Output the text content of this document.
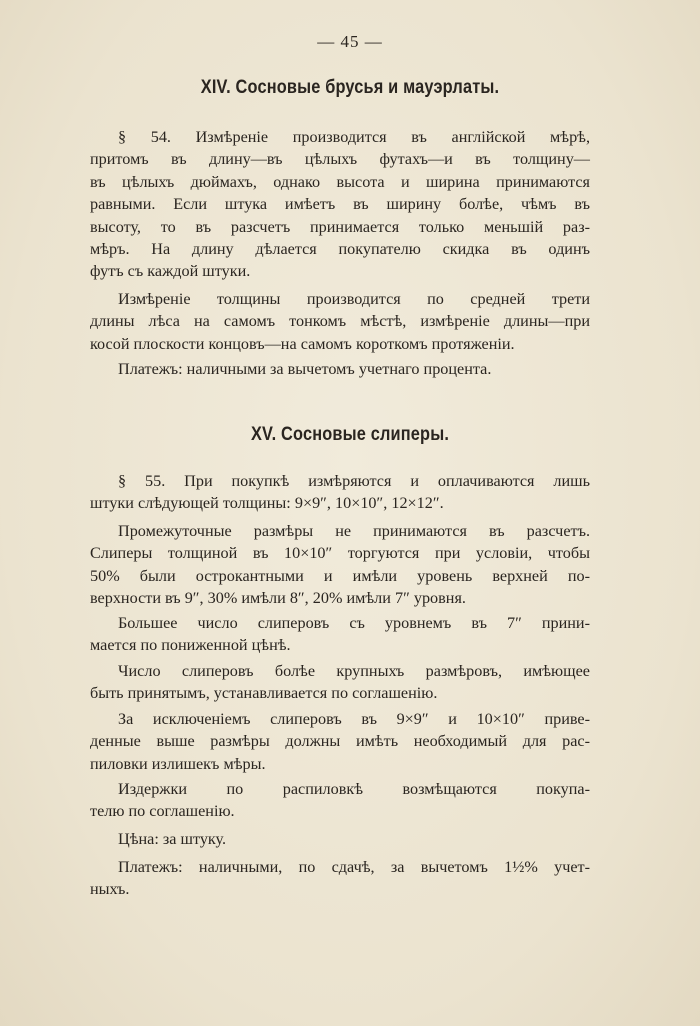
— 45 —
XIV. Сосновые брусья и мауэрлаты.
§ 54. Измѣреніе производится въ англійской мѣрѣ,
притомъ въ длину—въ цѣлыхъ футахъ—и въ толщину—
въ цѣлыхъ дюймахъ, однако высота и ширина принимаются
равными. Если штука имѣетъ въ ширину болѣе, чѣмъ въ
высоту, то въ разсчетъ принимается только меньшій раз-
мѣръ. На длину дѣлается покупателю скидка въ одинъ
футъ съ каждой штуки.
Измѣреніе толщины производится по средней трети
длины лѣса на самомъ тонкомъ мѣстѣ, измѣреніе длины—при
косой плоскости концовъ—на самомъ короткомъ протяженіи.
Платежъ: наличными за вычетомъ учетнаго процента.
XV. Сосновые слиперы.
§ 55. При покупкѣ измѣряются и оплачиваются лишь
штуки слѣдующей толщины: 9×9″, 10×10″, 12×12″.
Промежуточные размѣры не принимаются въ разсчетъ.
Слиперы толщиной въ 10×10″ торгуются при условіи, чтобы
50% были острокантными и имѣли уровень верхней по-
верхности въ 9″, 30% имѣли 8″, 20% имѣли 7″ уровня.
Большее число слиперовъ съ уровнемъ въ 7″ прини-
мается по пониженной цѣнѣ.
Число слиперовъ болѣе крупныхъ размѣровъ, имѣющее
быть принятымъ, устанавливается по соглашенію.
За исключеніемъ слиперовъ въ 9×9″ и 10×10″ приве-
денные выше размѣры должны имѣть необходимый для рас-
пиловки излишекъ мѣры.
Издержки по распиловкѣ возмѣщаются покупа-
телю по соглашенію.
Цѣна: за штуку.
Платежъ: наличными, по сдачѣ, за вычетомъ 1½% учет-
ныхъ.
